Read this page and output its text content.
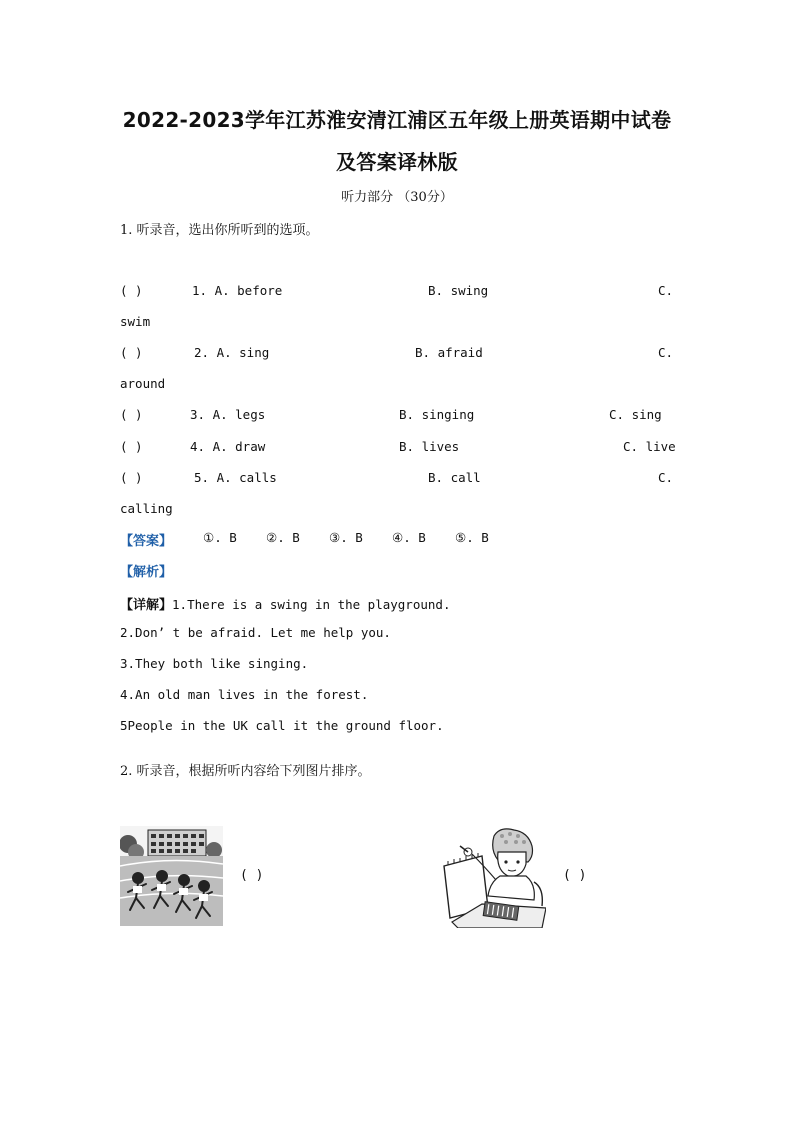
2022-2023学年江苏淮安清江浦区五年级上册英语期中试卷
及答案译林版
听力部分 （30分）
1. 听录音，选出你所听到的选项。
( )	1. A. before	B. swing	C.
swim
( )	2. A. sing	B. afraid	C.
around
( )	3. A. legs	B. singing	C. sing
( )	4. A. draw	B. lives	C. live
( )	5. A. calls	B. call	C.
calling
【答案】 ①. B ②. B ③. B ④. B ⑤. B
【解析】
【详解】1.There is a swing in the playground.
2.Don’ t be afraid. Let me help you.
3.They both like singing.
4.An old man lives in the forest.
5People in the UK call it the ground floor.
2. 听录音，根据所听内容给下列图片排序。
( )	( )
